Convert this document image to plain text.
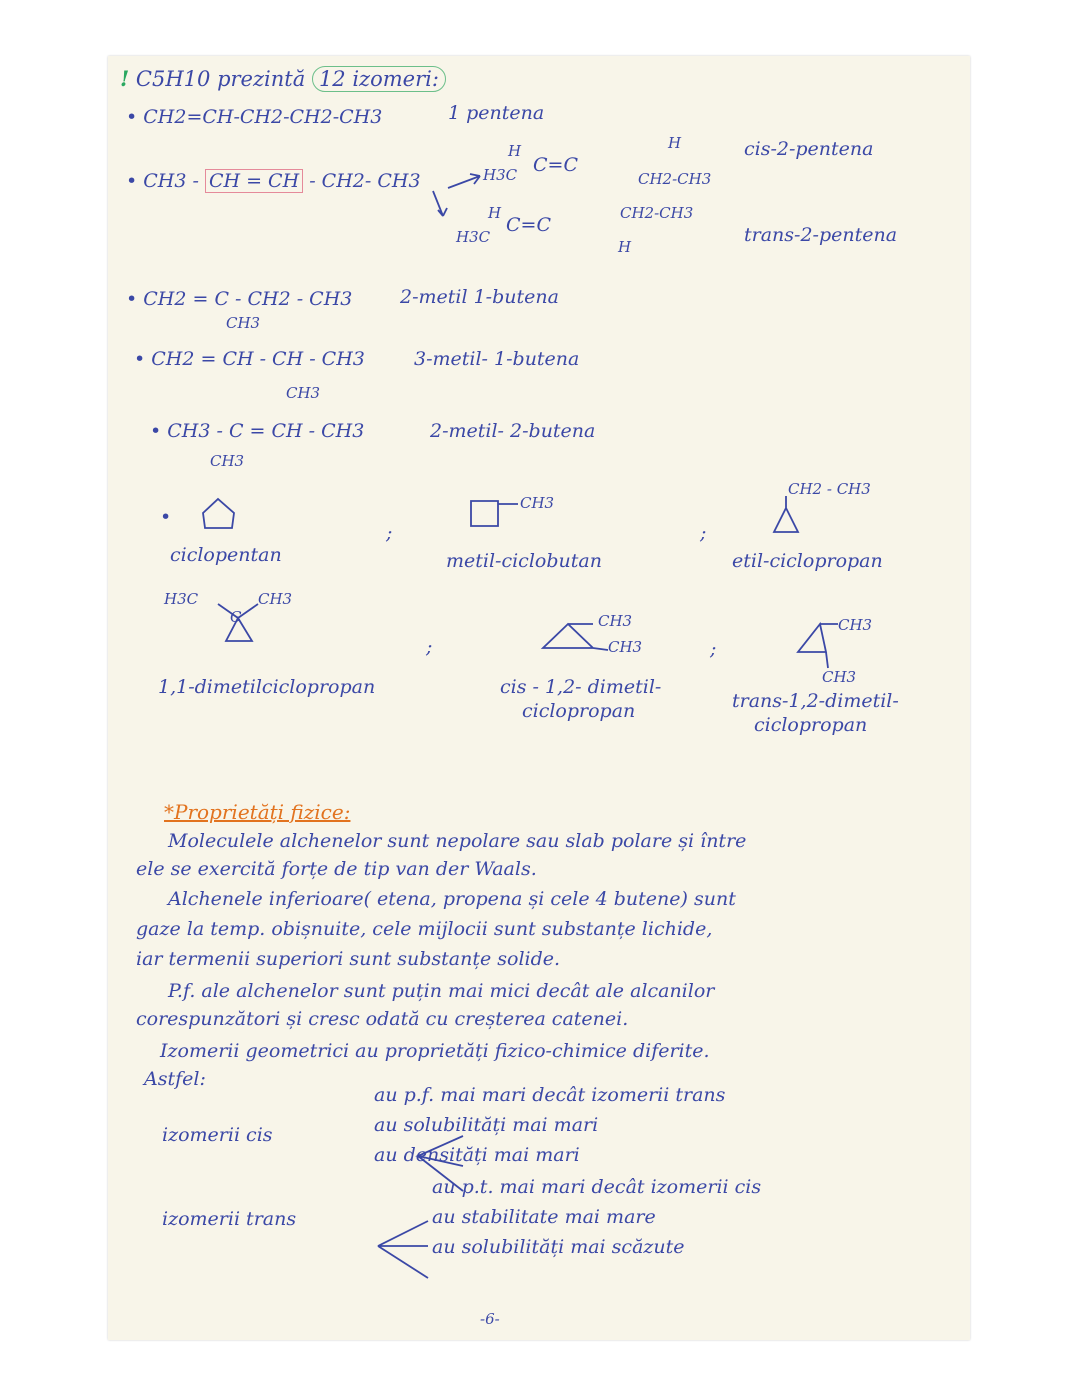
! C5H10 prezintă 12 izomeri:
• CH2=CH-CH2-CH2-CH3	1 pentena
• CH3 - CH = CH - CH2- CH3
H
H3C C=C
H
CH2-CH3
cis-2-pentena
H
H3C
C=C
CH2-CH3
H
trans-2-pentena
• CH2 = C - CH2 - CH3
CH3
2-metil 1-butena
• CH2 = CH - CH - CH3
CH3
3-metil- 1-butena
• CH3 - C = CH - CH3
CH3
2-metil- 2-butena
•
ciclopentan
;
CH3
metil-ciclobutan
;
CH2 - CH3
etil-ciclopropan
H3C
C
CH3
1,1-dimetilciclopropan
;
CH3
CH3
cis - 1,2- dimetil-
ciclopropan
;
CH3
CH3
trans-1,2-dimetil-
ciclopropan
*Proprietăți fizice:
Moleculele alchenelor sunt nepolare sau slab polare și între
ele se exercită forțe de tip van der Waals.
Alchenele inferioare( etena, propena și cele 4 butene) sunt
gaze la temp. obișnuite, cele mijlocii sunt substanțe lichide,
iar termenii superiori sunt substanțe solide.
P.f. ale alchenelor sunt puțin mai mici decât ale alcanilor
corespunzători și cresc odată cu creșterea catenei.
Izomerii geometrici au proprietăți fizico-chimice diferite.
Astfel:
izomerii cis
au p.f. mai mari decât izomerii trans
au solubilități mai mari
au densități mai mari
izomerii trans
au p.t. mai mari decât izomerii cis
au stabilitate mai mare
au solubilități mai scăzute
-6-
